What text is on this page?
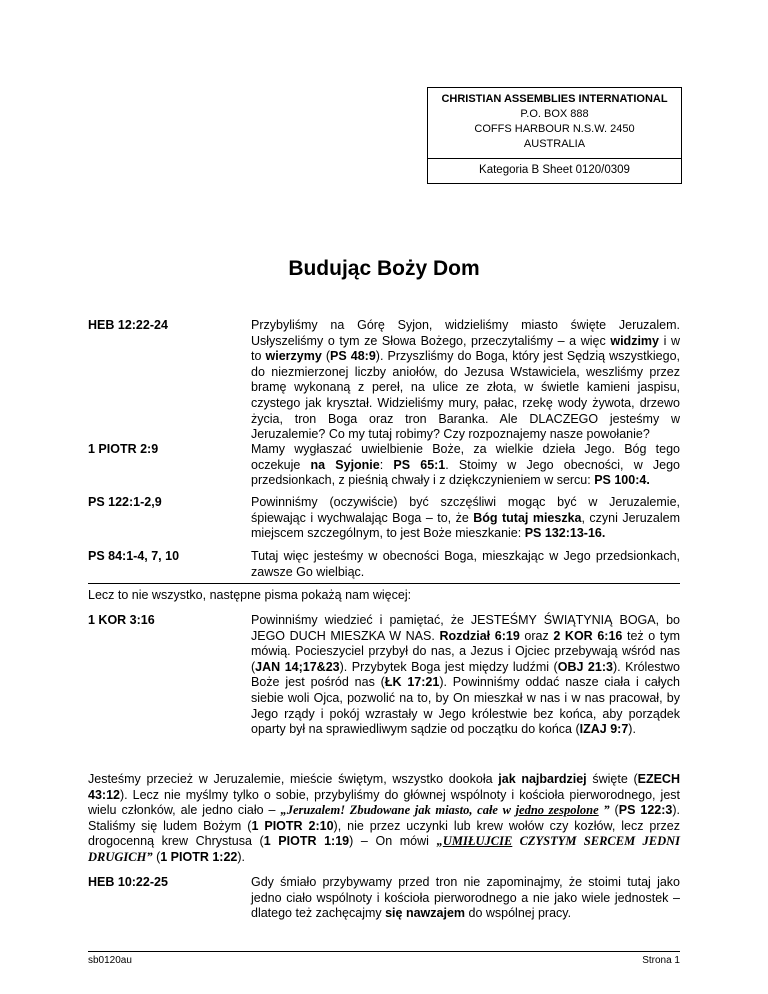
CHRISTIAN ASSEMBLIES INTERNATIONAL
P.O. BOX 888
COFFS HARBOUR N.S.W. 2450
AUSTRALIA
Kategoria B Sheet 0120/0309
Budując Boży Dom
HEB 12:22-24	Przybyliśmy na Górę Syjon, widzieliśmy miasto święte Jeruzalem. Usłyszeliśmy o tym ze Słowa Bożego, przeczytaliśmy – a więc widzimy i w to wierzymy (PS 48:9). Przyszliśmy do Boga, który jest Sędzią wszystkiego, do niezmierzonej liczby aniołów, do Jezusa Wstawiciela, weszliśmy przez bramę wykonaną z pereł, na ulice ze złota, w świetle kamieni jaspisu, czystego jak kryształ. Widzieliśmy mury, pałac, rzekę wody żywota, drzewo życia, tron Boga oraz tron Baranka. Ale DLACZEGO jesteśmy w Jeruzalemie? Co my tutaj robimy? Czy rozpoznajemy nasze powołanie?
1 PIOTR 2:9	Mamy wygłaszać uwielbienie Boże, za wielkie dzieła Jego. Bóg tego oczekuje na Syjonie: PS 65:1. Stoimy w Jego obecności, w Jego przedsionkach, z pieśnią chwały i z dziękczynieniem w sercu: PS 100:4.
PS 122:1-2,9	Powinniśmy (oczywiście) być szczęśliwi mogąc być w Jeruzalemie, śpiewając i wychwalając Boga – to, że Bóg tutaj mieszka, czyni Jeruzalem miejscem szczególnym, to jest Boże mieszkanie: PS 132:13-16.
PS 84:1-4, 7, 10	Tutaj więc jesteśmy w obecności Boga, mieszkając w Jego przedsionkach, zawsze Go wielbiąc.
Lecz to nie wszystko, następne pisma pokażą nam więcej:
1 KOR 3:16	Powinniśmy wiedzieć i pamiętać, że JESTEŚMY ŚWIĄTYNIĄ BOGA, bo JEGO DUCH MIESZKA W NAS. Rozdział 6:19 oraz 2 KOR 6:16 też o tym mówią. Pocieszyciel przybył do nas, a Jezus i Ojciec przebywają wśród nas (JAN 14;17&23). Przybytek Boga jest między ludźmi (OBJ 21:3). Królestwo Boże jest pośród nas (ŁK 17:21). Powinniśmy oddać nasze ciała i całych siebie woli Ojca, pozwolić na to, by On mieszkał w nas i w nas pracował, by Jego rządy i pokój wzrastały w Jego królestwie bez końca, aby porządek oparty był na sprawiedliwym sądzie od początku do końca (IZAJ 9:7).
Jesteśmy przecież w Jeruzalemie, mieście świętym, wszystko dookoła jak najbardziej święte (EZECH 43:12). Lecz nie myślmy tylko o sobie, przybyliśmy do głównej wspólnoty i kościoła pierworodnego, jest wielu członków, ale jedno ciało – „Jeruzalem! Zbudowane jak miasto, całe w jedno zespolone ” (PS 122:3). Staliśmy się ludem Bożym (1 PIOTR 2:10), nie przez uczynki lub krew wołów czy kozłów, lecz przez drogocenną krew Chrystusa (1 PIOTR 1:19) – On mówi „UMIŁUJCIE CZYSTYM SERCEM JEDNI DRUGICH” (1 PIOTR 1:22).
HEB 10:22-25	Gdy śmiało przybywamy przed tron nie zapominajmy, że stoimi tutaj jako jedno ciało wspólnoty i kościoła pierworodnego a nie jako wiele jednostek – dlatego też zachęcajmy się nawzajem do wspólnej pracy.
sb0120au	Strona 1
